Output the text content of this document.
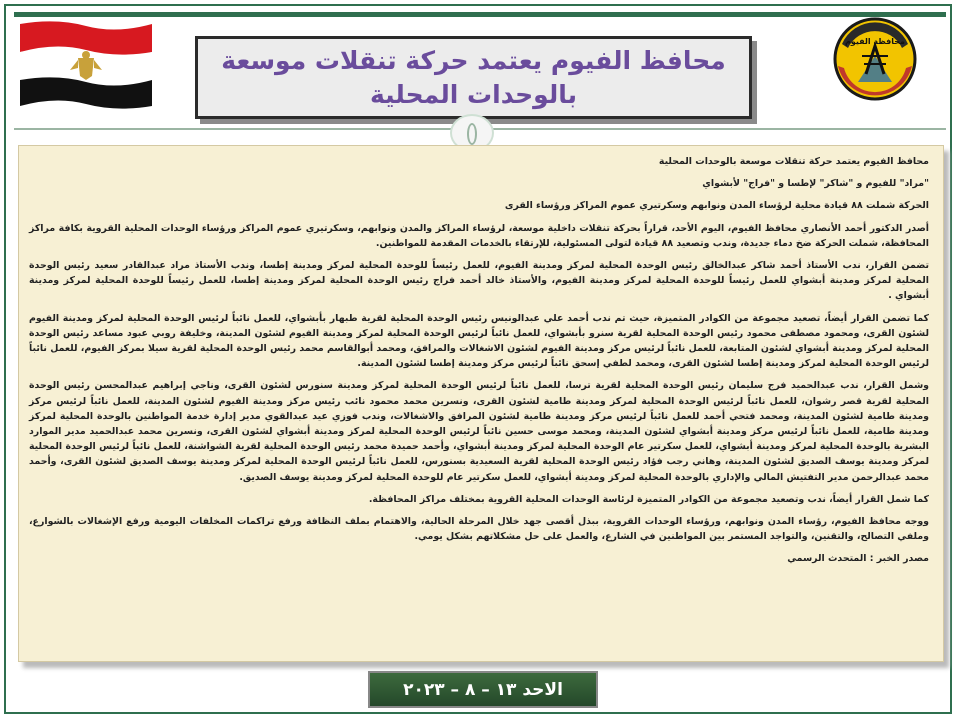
محافظة الفيوم
محافظ الفيوم يعتمد حركة تنقلات موسعة بالوحدات المحلية

محافظ الفيوم يعتمد حركة تنقلات موسعة بالوحدات المحلية

"مراد" للفيوم و "شاكر" لإطسا و "فراج" لأبشواي

الحركة شملت ٨٨ قيادة محلية لرؤساء المدن ونوابهم وسكرتيري عموم المراكز ورؤساء القرى

أصدر الدكتور أحمد الأنصاري محافظ الفيوم، اليوم الأحد، قراراً بحركة تنقلات داخلية موسعة، لرؤساء المراكز والمدن ونوابهم، وسكرتيري عموم المراكز ورؤساء الوحدات المحلية القروية بكافة مراكز المحافظة، شملت الحركة ضخ دماء جديدة، وندب وتصعيد ٨٨ قيادة لتولى المسئولية، للإرتقاء بالخدمات المقدمة للمواطنين.

تضمن القرار، ندب الأستاذ أحمد شاكر عبدالخالق رئيس الوحدة المحلية لمركز ومدينة الفيوم، للعمل رئيساً للوحدة المحلية لمركز ومدينة إطسا، وندب الأستاذ مراد عبدالقادر سعيد رئيس الوحدة المحلية لمركز ومدينة أبشواي للعمل رئيساً للوحدة المحلية لمركز ومدينة الفيوم، والأستاذ خالد أحمد فراج رئيس الوحدة المحلية لمركز ومدينة إطسا، للعمل رئيساً للوحدة المحلية لمركز ومدينة أبشواي .

كما تضمن القرار أيضاً، تصعيد مجموعة من الكوادر المتميزة، حيث تم ندب أحمد علي عبدالونيس رئيس الوحدة المحلية لقرية طبهار بأبشواي، للعمل نائباً لرئيس الوحدة المحلية لمركز ومدينة الفيوم لشئون القرى، ومحمود مصطفى محمود رئيس الوحدة المحلية لقرية سنرو بأبشواي، للعمل نائباً لرئيس الوحدة المحلية لمركز ومدينة الفيوم لشئون المدينة، وخليفة روبي عبود مساعد رئيس الوحدة المحلية لمركز ومدينة أبشواي لشئون المتابعة، للعمل نائباً لرئيس مركز ومدينة الفيوم لشئون الاشغالات والمرافق، ومحمد أبوالقاسم محمد رئيس الوحدة المحلية لقرية سيلا بمركز الفيوم، للعمل نائباً لرئيس الوحدة المحلية لمركز ومدينة إطسا لشئون القرى، ومحمد لطفي إسحق نائباً لرئيس مركز ومدينة إطسا لشئون المدينة.

وشمل القرار، ندب عبدالحميد فرج سليمان رئيس الوحدة المحلية لقرية ترسا، للعمل نائباً لرئيس الوحدة المحلية لمركز ومدينة سنورس لشئون القرى، وناجي إبراهيم عبدالمحسن رئيس الوحدة المحلية لقرية قصر رشوان، للعمل نائباً لرئيس الوحدة المحلية لمركز ومدينة طامية لشئون القرى، ونسرين محمد محمود نائب رئيس مركز ومدينة الفيوم لشئون المدينة، للعمل نائباً لرئيس مركز ومدينة طامية لشئون المدينة، ومحمد فتحي أحمد للعمل نائباً لرئيس مركز ومدينة طامية لشئون المرافق والاشغالات، وندب فوزي عيد عبدالقوي مدير إدارة خدمة المواطنين بالوحدة المحلية لمركز ومدينة طامية، للعمل نائباً لرئيس مركز ومدينة أبشواي لشئون المدينة، ومحمد موسى حسين نائباً لرئيس الوحدة المحلية لمركز ومدينة أبشواي لشئون القرى، ونسرين محمد عبدالحميد مدير الموارد البشرية بالوحدة المحلية لمركز ومدينة أبشواي، للعمل سكرتير عام الوحدة المحلية لمركز ومدينة أبشواي، وأحمد حميدة محمد رئيس الوحدة المحلية لقرية الشواشنة، للعمل نائباً لرئيس الوحدة المحلية لمركز ومدينة يوسف الصديق لشئون المدينة، وهاني رجب فؤاد رئيس الوحدة المحلية لقرية السعيدية بسنورس، للعمل نائباً لرئيس الوحدة المحلية لمركز ومدينة يوسف الصديق لشئون القرى، وأحمد محمد عبدالرحمن مدير التفتيش المالي والإداري بالوحدة المحلية لمركز ومدينة أبشواي، للعمل سكرتير عام للوحدة المحلية لمركز ومدينة يوسف الصديق.

كما شمل القرار أيضاً، ندب وتصعيد مجموعة من الكوادر المتميزة لرئاسة الوحدات المحلية القروية بمختلف مراكز المحافظة.

ووجه محافظ الفيوم، رؤساء المدن ونوابهم، ورؤساء الوحدات القروية، ببذل أقصى جهد خلال المرحلة الحالية، والاهتمام بملف النظافة ورفع تراكمات المخلفات اليومية ورفع الإشغالات بالشوارع، وملفي التصالح، والتقنين، والتواجد المستمر بين المواطنين في الشارع، والعمل على حل مشكلاتهم بشكل يومي.

مصدر الخبر : المتحدث الرسمي

الاحد ١٣ – ٨ – ٢٠٢٣
